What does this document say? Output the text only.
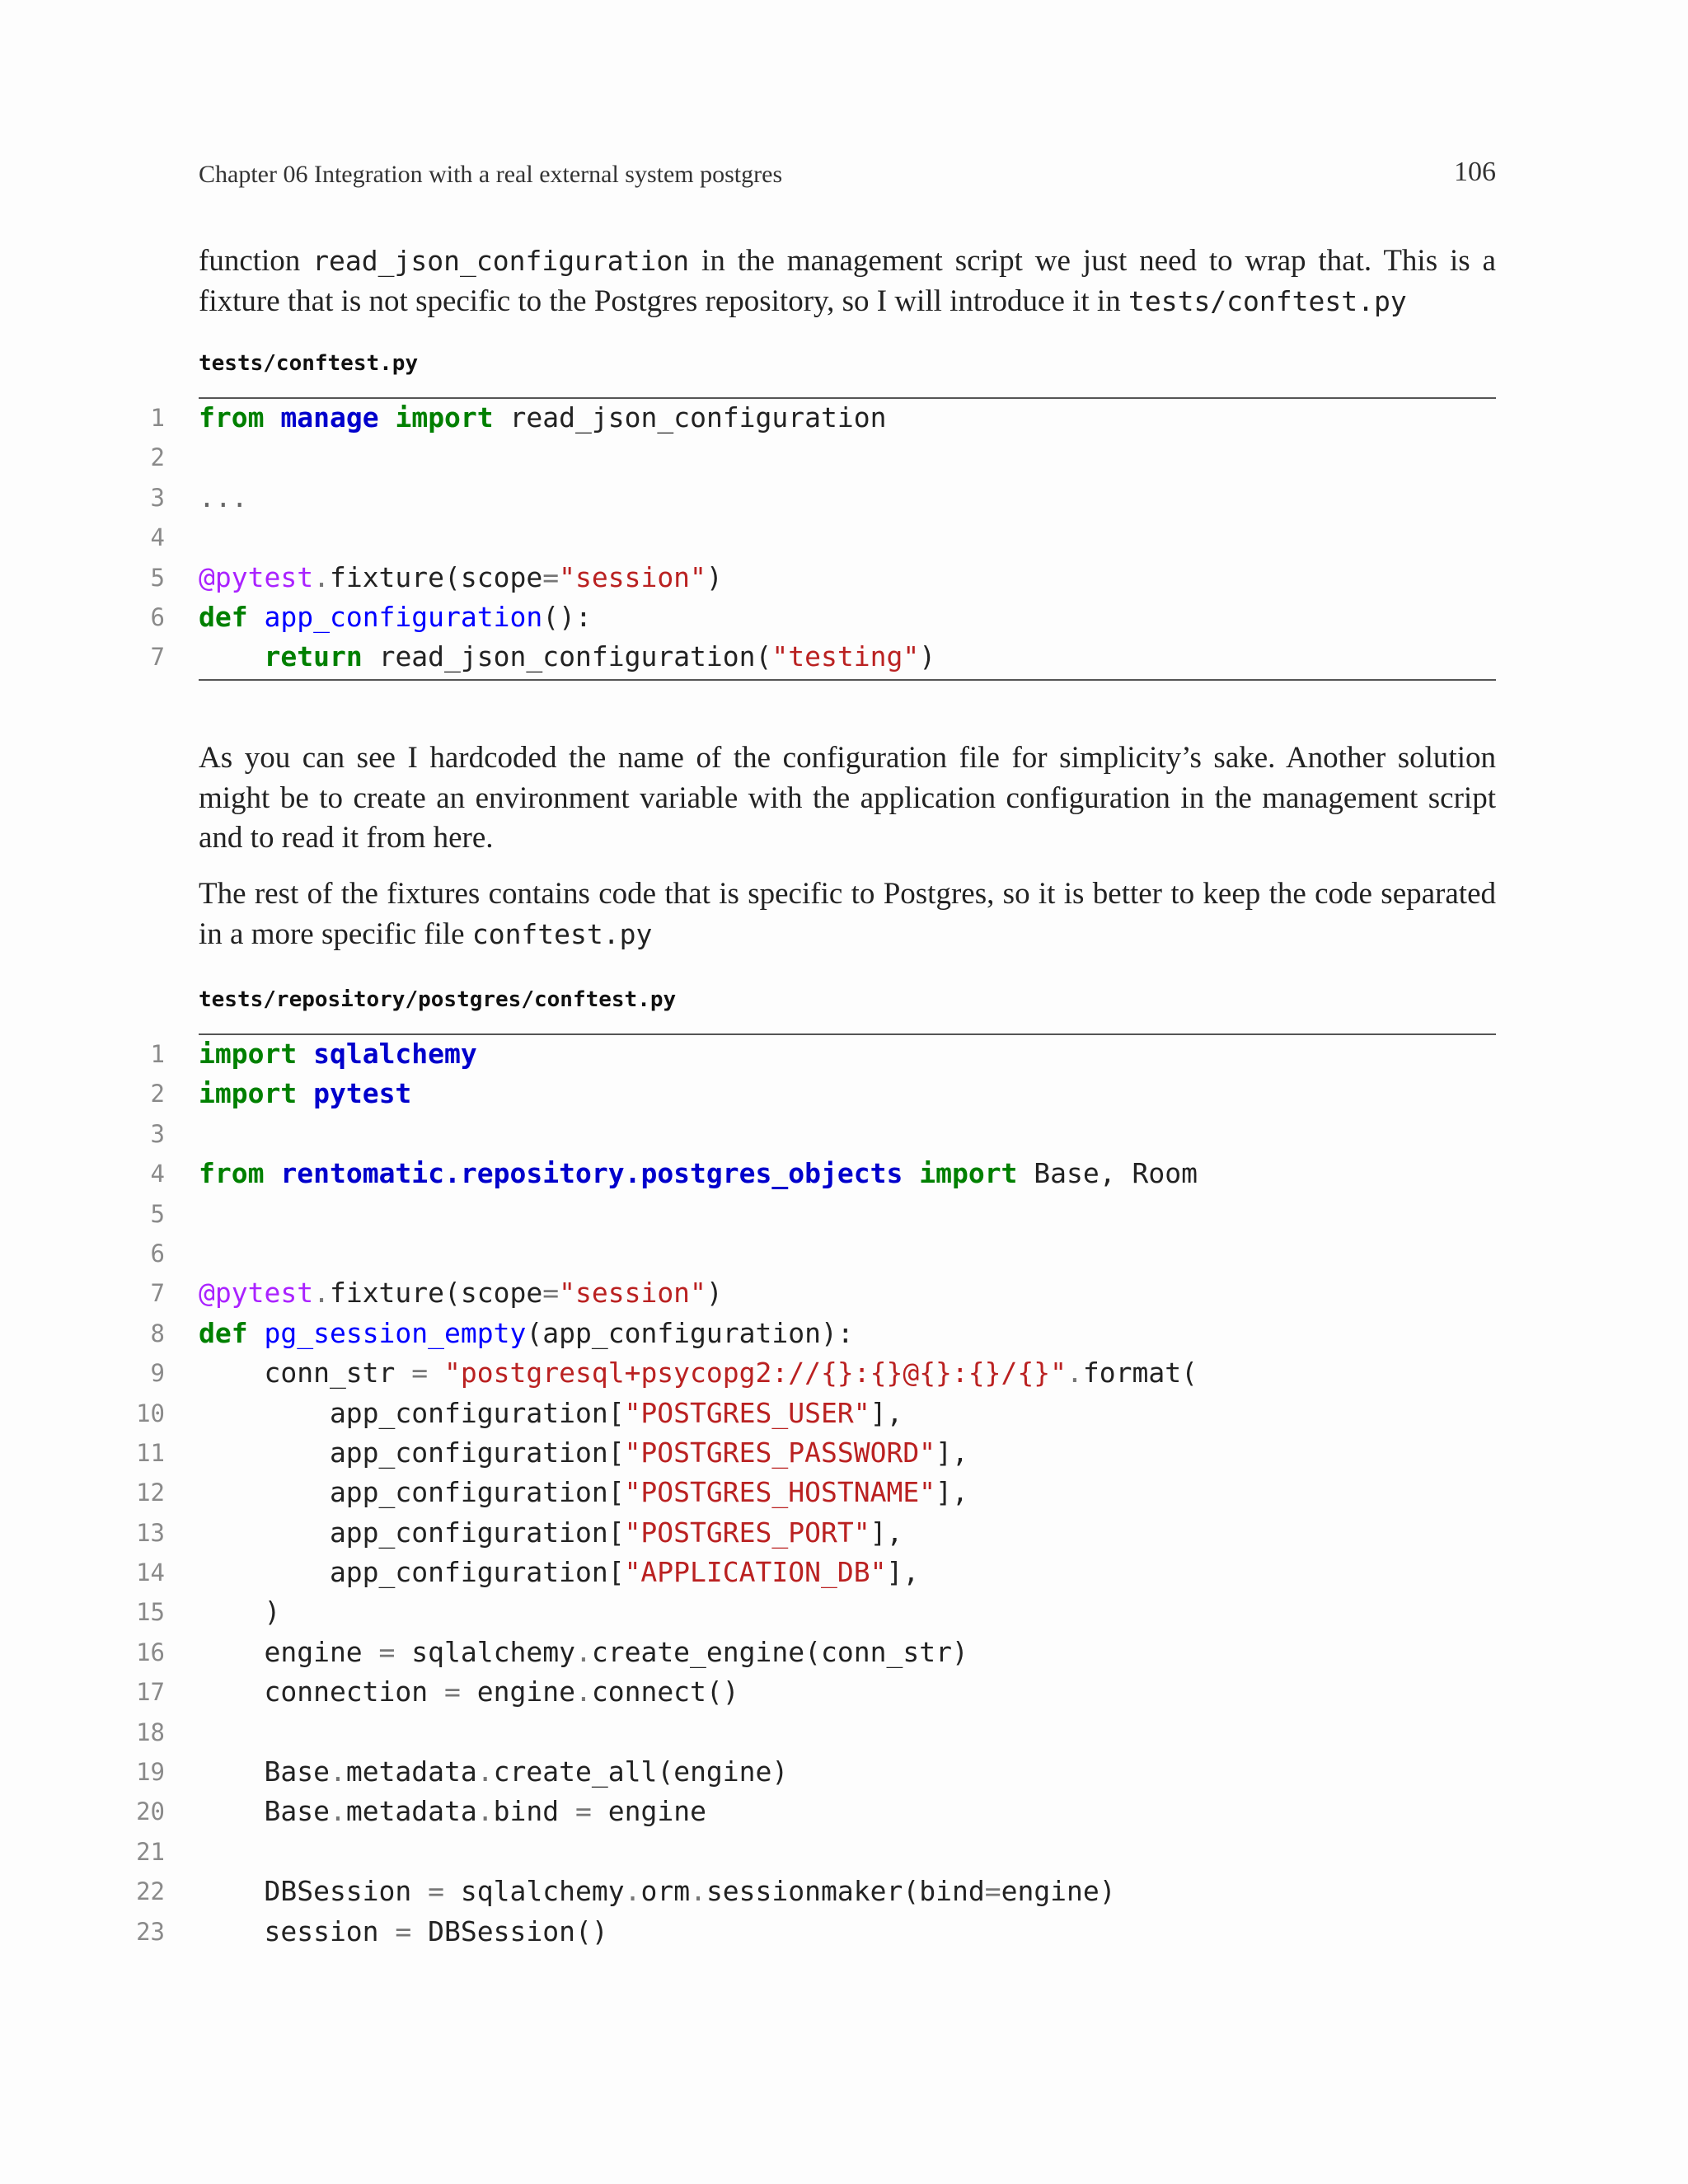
Chapter 06 Integration with a real external system postgres	106

function read_json_configuration in the management script we just need to wrap that. This is a fixture that is not specific to the Postgres repository, so I will introduce it in tests/conftest.py

tests/conftest.py
1 from manage import read_json_configuration
2
3 ...
4
5 @pytest.fixture(scope="session")
6 def app_configuration():
7	return read_json_configuration("testing")

As you can see I hardcoded the name of the configuration file for simplicity’s sake. Another solution might be to create an environment variable with the application configuration in the management script and to read it from here.

The rest of the fixtures contains code that is specific to Postgres, so it is better to keep the code separated in a more specific file conftest.py

tests/repository/postgres/conftest.py
1 import sqlalchemy
2 import pytest
3
4 from rentomatic.repository.postgres_objects import Base, Room
5
6
7 @pytest.fixture(scope="session")
8 def pg_session_empty(app_configuration):
9 conn_str = "postgresql+psycopg2://{}:{}@{}:{}/{}".format(
10 app_configuration["POSTGRES_USER"],
11 app_configuration["POSTGRES_PASSWORD"],
12 app_configuration["POSTGRES_HOSTNAME"],
13 app_configuration["POSTGRES_PORT"],
14 app_configuration["APPLICATION_DB"],
15 )
16 engine = sqlalchemy.create_engine(conn_str)
17 connection = engine.connect()
18
19 Base.metadata.create_all(engine)
20 Base.metadata.bind = engine
21
22 DBSession = sqlalchemy.orm.sessionmaker(bind=engine)
23 session = DBSession()
